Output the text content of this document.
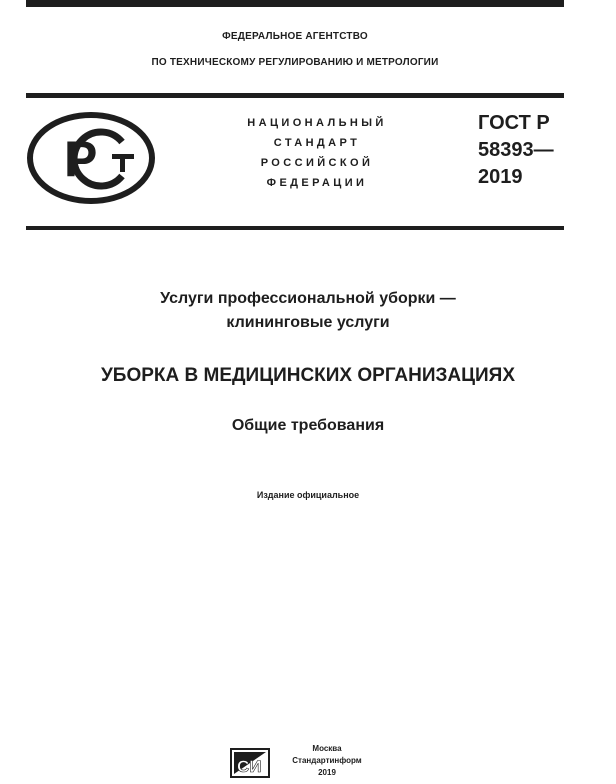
ФЕДЕРАЛЬНОЕ АГЕНТСТВО
ПО ТЕХНИЧЕСКОМУ РЕГУЛИРОВАНИЮ И МЕТРОЛОГИИ
Р
НАЦИОНАЛЬНЫЙ
СТАНДАРТ
РОССИЙСКОЙ
ФЕДЕРАЦИИ
ГОСТ Р
58393—
2019
Услуги профессиональной уборки —
клининговые услуги
УБОРКА В МЕДИЦИНСКИХ ОРГАНИЗАЦИЯХ
Общие требования
Издание официальное
СИ
Москва
Стандартинформ
2019
